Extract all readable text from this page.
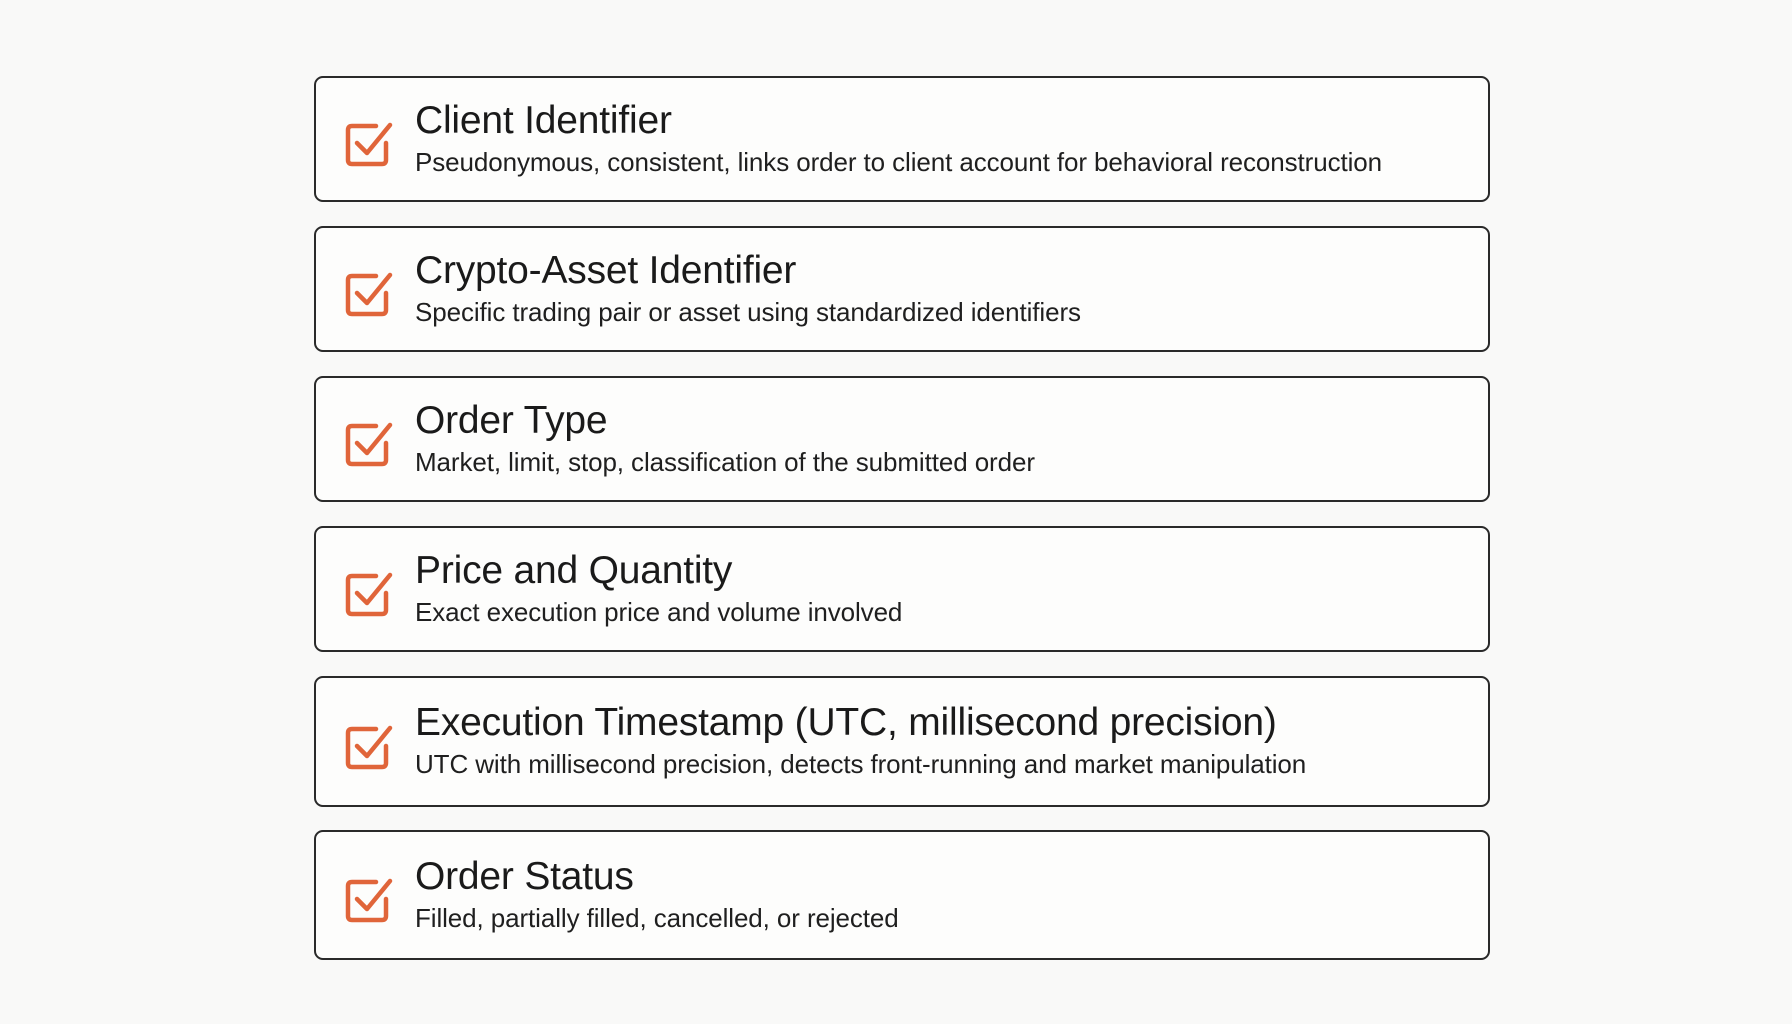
Client Identifier
Pseudonymous, consistent, links order to client account for behavioral reconstruction
Crypto-Asset Identifier
Specific trading pair or asset using standardized identifiers
Order Type
Market, limit, stop, classification of the submitted order
Price and Quantity
Exact execution price and volume involved
Execution Timestamp (UTC, millisecond precision)
UTC with millisecond precision, detects front-running and market manipulation
Order Status
Filled, partially filled, cancelled, or rejected
